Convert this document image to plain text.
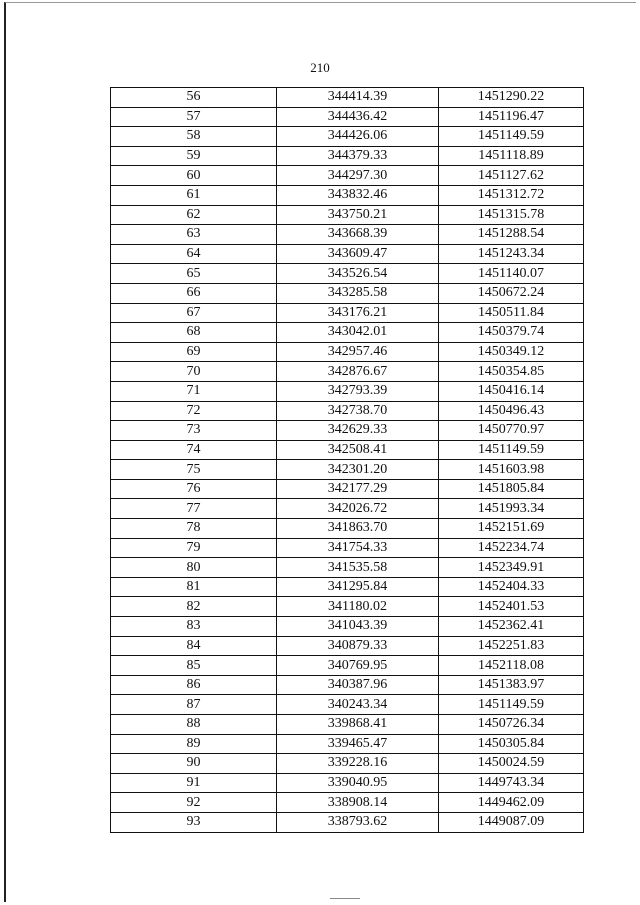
210
56	344414.39	1451290.22
57	344436.42	1451196.47
58	344426.06	1451149.59
59	344379.33	1451118.89
60	344297.30	1451127.62
61	343832.46	1451312.72
62	343750.21	1451315.78
63	343668.39	1451288.54
64	343609.47	1451243.34
65	343526.54	1451140.07
66	343285.58	1450672.24
67	343176.21	1450511.84
68	343042.01	1450379.74
69	342957.46	1450349.12
70	342876.67	1450354.85
71	342793.39	1450416.14
72	342738.70	1450496.43
73	342629.33	1450770.97
74	342508.41	1451149.59
75	342301.20	1451603.98
76	342177.29	1451805.84
77	342026.72	1451993.34
78	341863.70	1452151.69
79	341754.33	1452234.74
80	341535.58	1452349.91
81	341295.84	1452404.33
82	341180.02	1452401.53
83	341043.39	1452362.41
84	340879.33	1452251.83
85	340769.95	1452118.08
86	340387.96	1451383.97
87	340243.34	1451149.59
88	339868.41	1450726.34
89	339465.47	1450305.84
90	339228.16	1450024.59
91	339040.95	1449743.34
92	338908.14	1449462.09
93	338793.62	1449087.09
